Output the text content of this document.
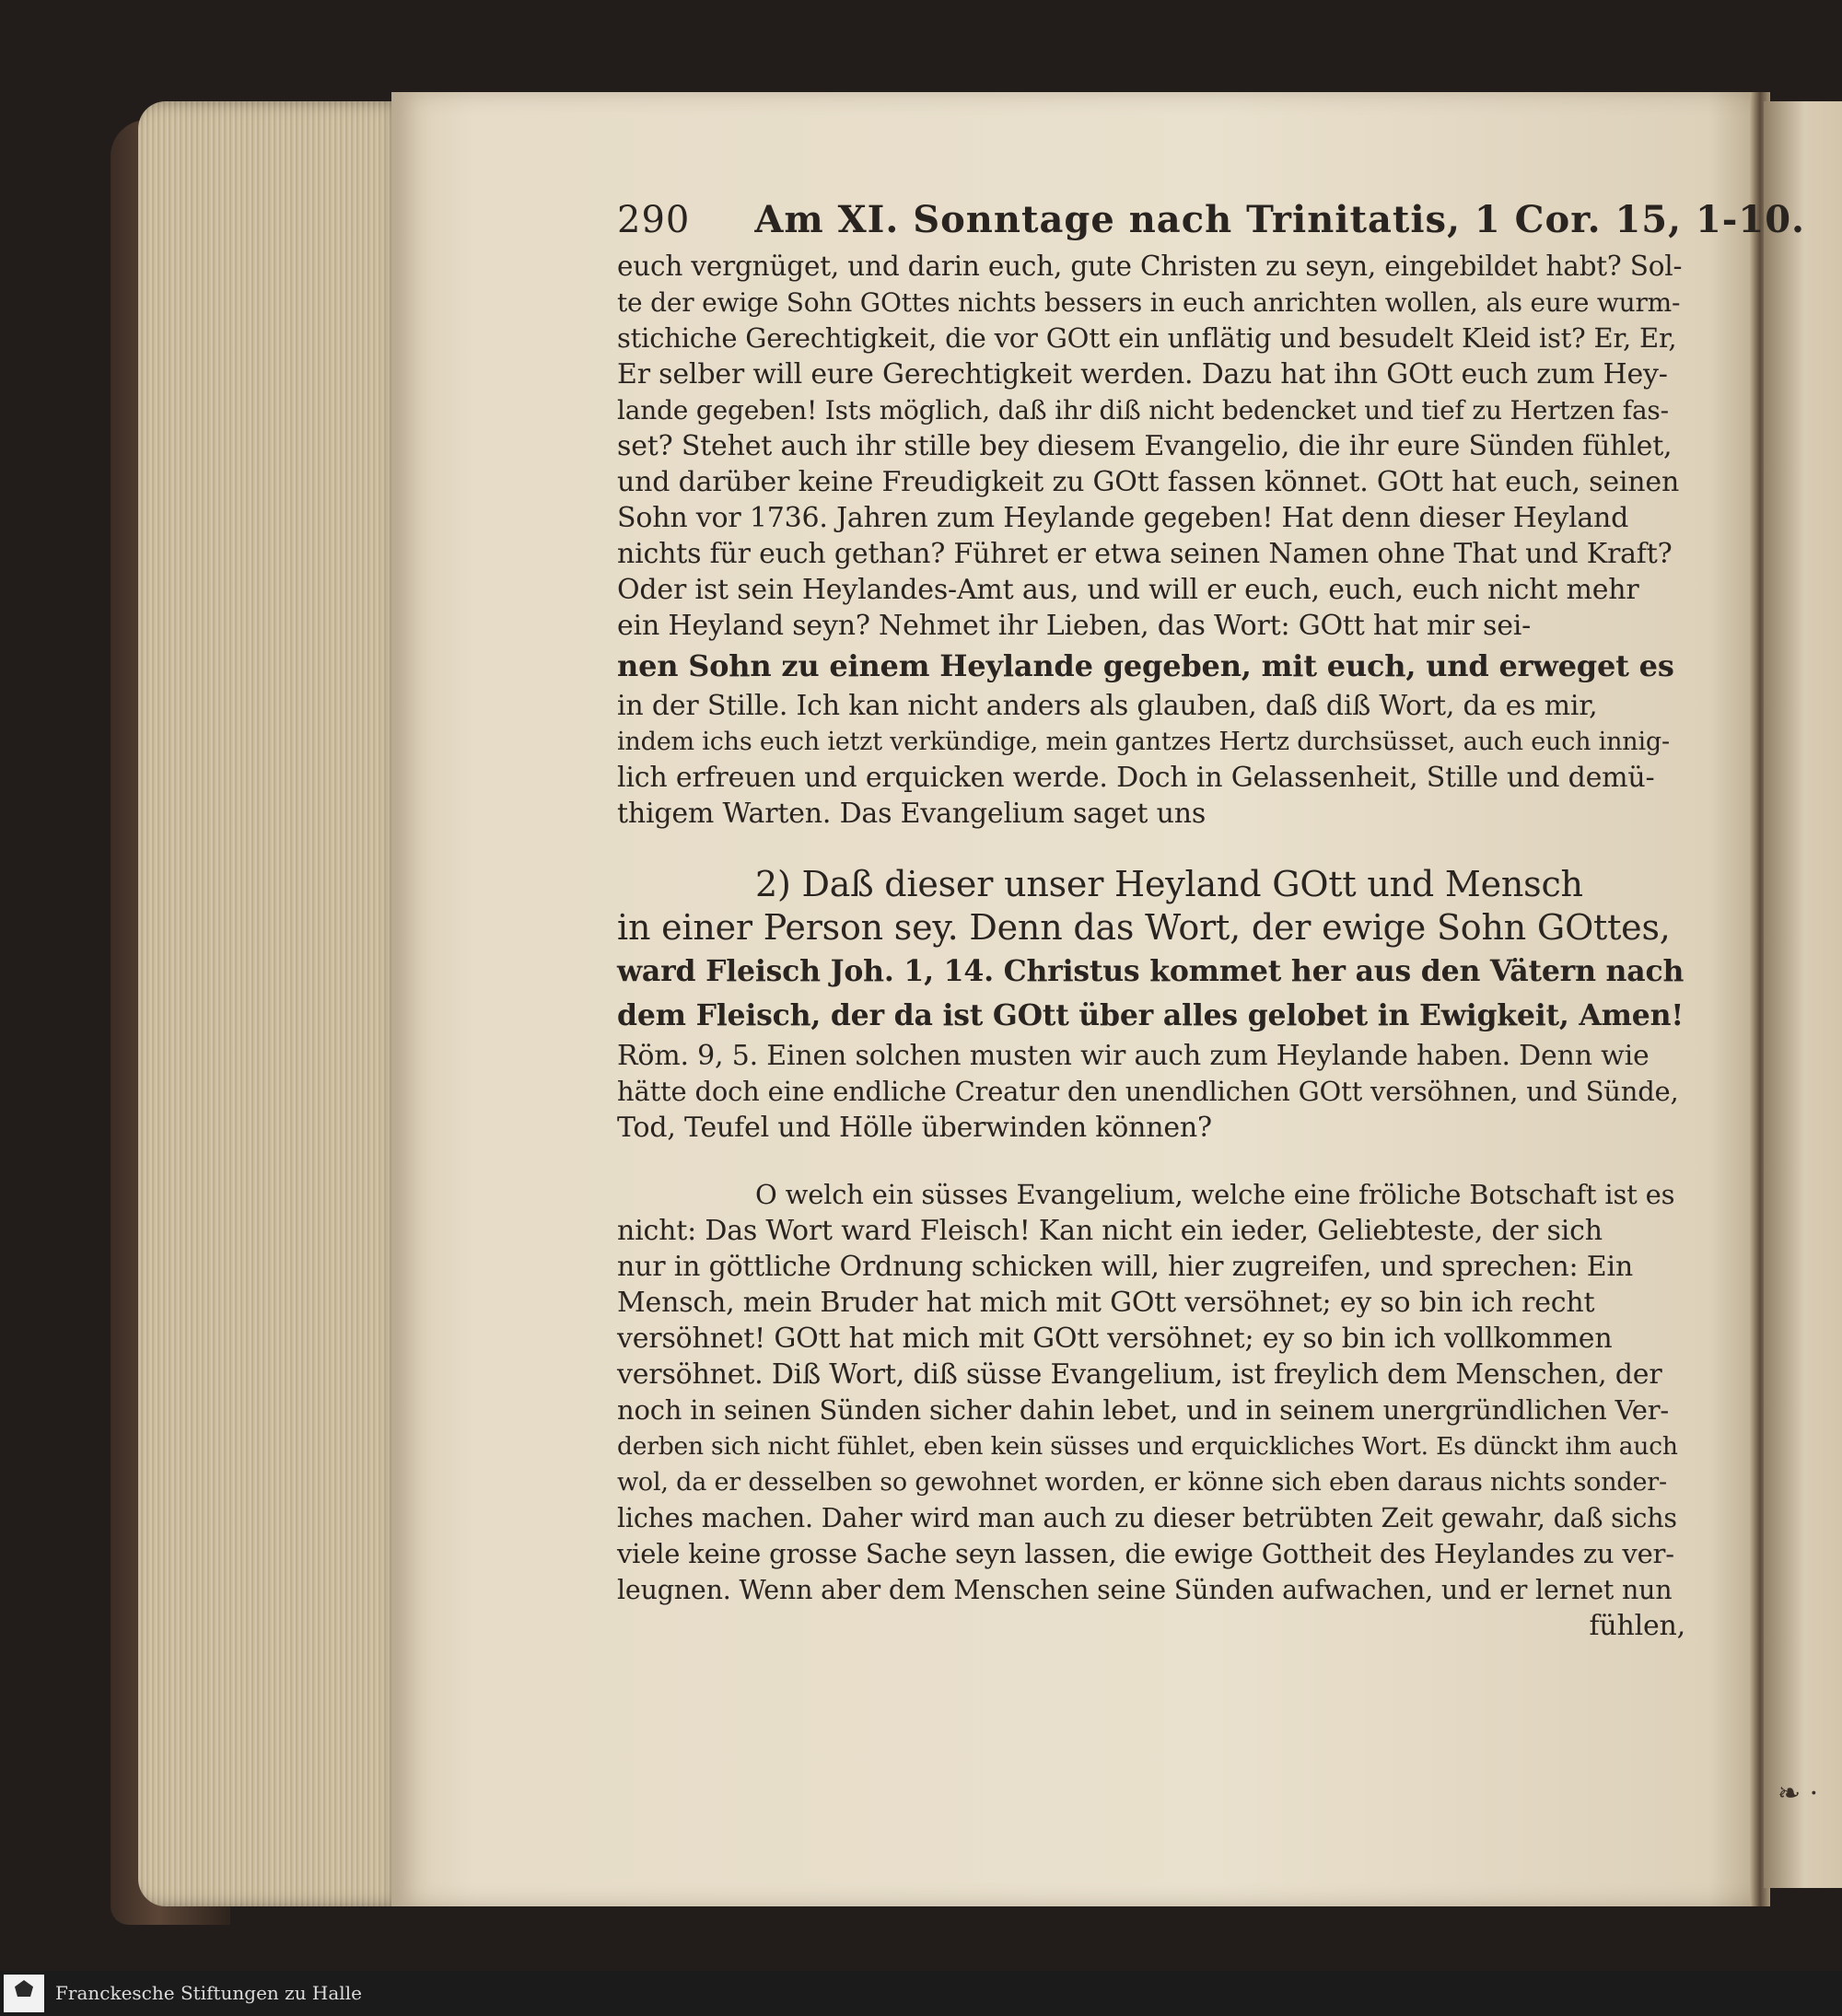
290 Am XI. Sonntage nach Trinitatis, 1 Cor. 15, 1-10.
euch vergnüget, und darin euch, gute Christen zu seyn, eingebildet habt? Sol-
te der ewige Sohn GOttes nichts bessers in euch anrichten wollen, als eure wurm-
stichiche Gerechtigkeit, die vor GOtt ein unflätig und besudelt Kleid ist? Er, Er,
Er selber will eure Gerechtigkeit werden. Dazu hat ihn GOtt euch zum Hey-
lande gegeben! Ists möglich, daß ihr diß nicht bedencket und tief zu Hertzen fas-
set? Stehet auch ihr stille bey diesem Evangelio, die ihr eure Sünden fühlet,
und darüber keine Freudigkeit zu GOtt fassen könnet. GOtt hat euch, seinen
Sohn vor 1736. Jahren zum Heylande gegeben! Hat denn dieser Heyland
nichts für euch gethan? Führet er etwa seinen Namen ohne That und Kraft?
Oder ist sein Heylandes-Amt aus, und will er euch, euch, euch nicht mehr
ein Heyland seyn? Nehmet ihr Lieben, das Wort: GOtt hat mir sei-
nen Sohn zu einem Heylande gegeben, mit euch, und erweget es
in der Stille. Ich kan nicht anders als glauben, daß diß Wort, da es mir,
indem ichs euch ietzt verkündige, mein gantzes Hertz durchsüsset, auch euch innig-
lich erfreuen und erquicken werde. Doch in Gelassenheit, Stille und demü-
thigem Warten. Das Evangelium saget uns
2) Daß dieser unser Heyland GOtt und Mensch
in einer Person sey. Denn das Wort, der ewige Sohn GOttes,
ward Fleisch Joh. 1, 14. Christus kommet her aus den Vätern nach
dem Fleisch, der da ist GOtt über alles gelobet in Ewigkeit, Amen!
Röm. 9, 5. Einen solchen musten wir auch zum Heylande haben. Denn wie
hätte doch eine endliche Creatur den unendlichen GOtt versöhnen, und Sünde,
Tod, Teufel und Hölle überwinden können?
O welch ein süsses Evangelium, welche eine fröliche Botschaft ist es
nicht: Das Wort ward Fleisch! Kan nicht ein ieder, Geliebteste, der sich
nur in göttliche Ordnung schicken will, hier zugreifen, und sprechen: Ein
Mensch, mein Bruder hat mich mit GOtt versöhnet; ey so bin ich recht
versöhnet! GOtt hat mich mit GOtt versöhnet; ey so bin ich vollkommen
versöhnet. Diß Wort, diß süsse Evangelium, ist freylich dem Menschen, der
noch in seinen Sünden sicher dahin lebet, und in seinem unergründlichen Ver-
derben sich nicht fühlet, eben kein süsses und erquickliches Wort. Es dünckt ihm auch
wol, da er desselben so gewohnet worden, er könne sich eben daraus nichts sonder-
liches machen. Daher wird man auch zu dieser betrübten Zeit gewahr, daß sichs
viele keine grosse Sache seyn lassen, die ewige Gottheit des Heylandes zu ver-
leugnen. Wenn aber dem Menschen seine Sünden aufwachen, und er lernet nun
fühlen,
❧ ·
Franckesche Stiftungen zu Halle
